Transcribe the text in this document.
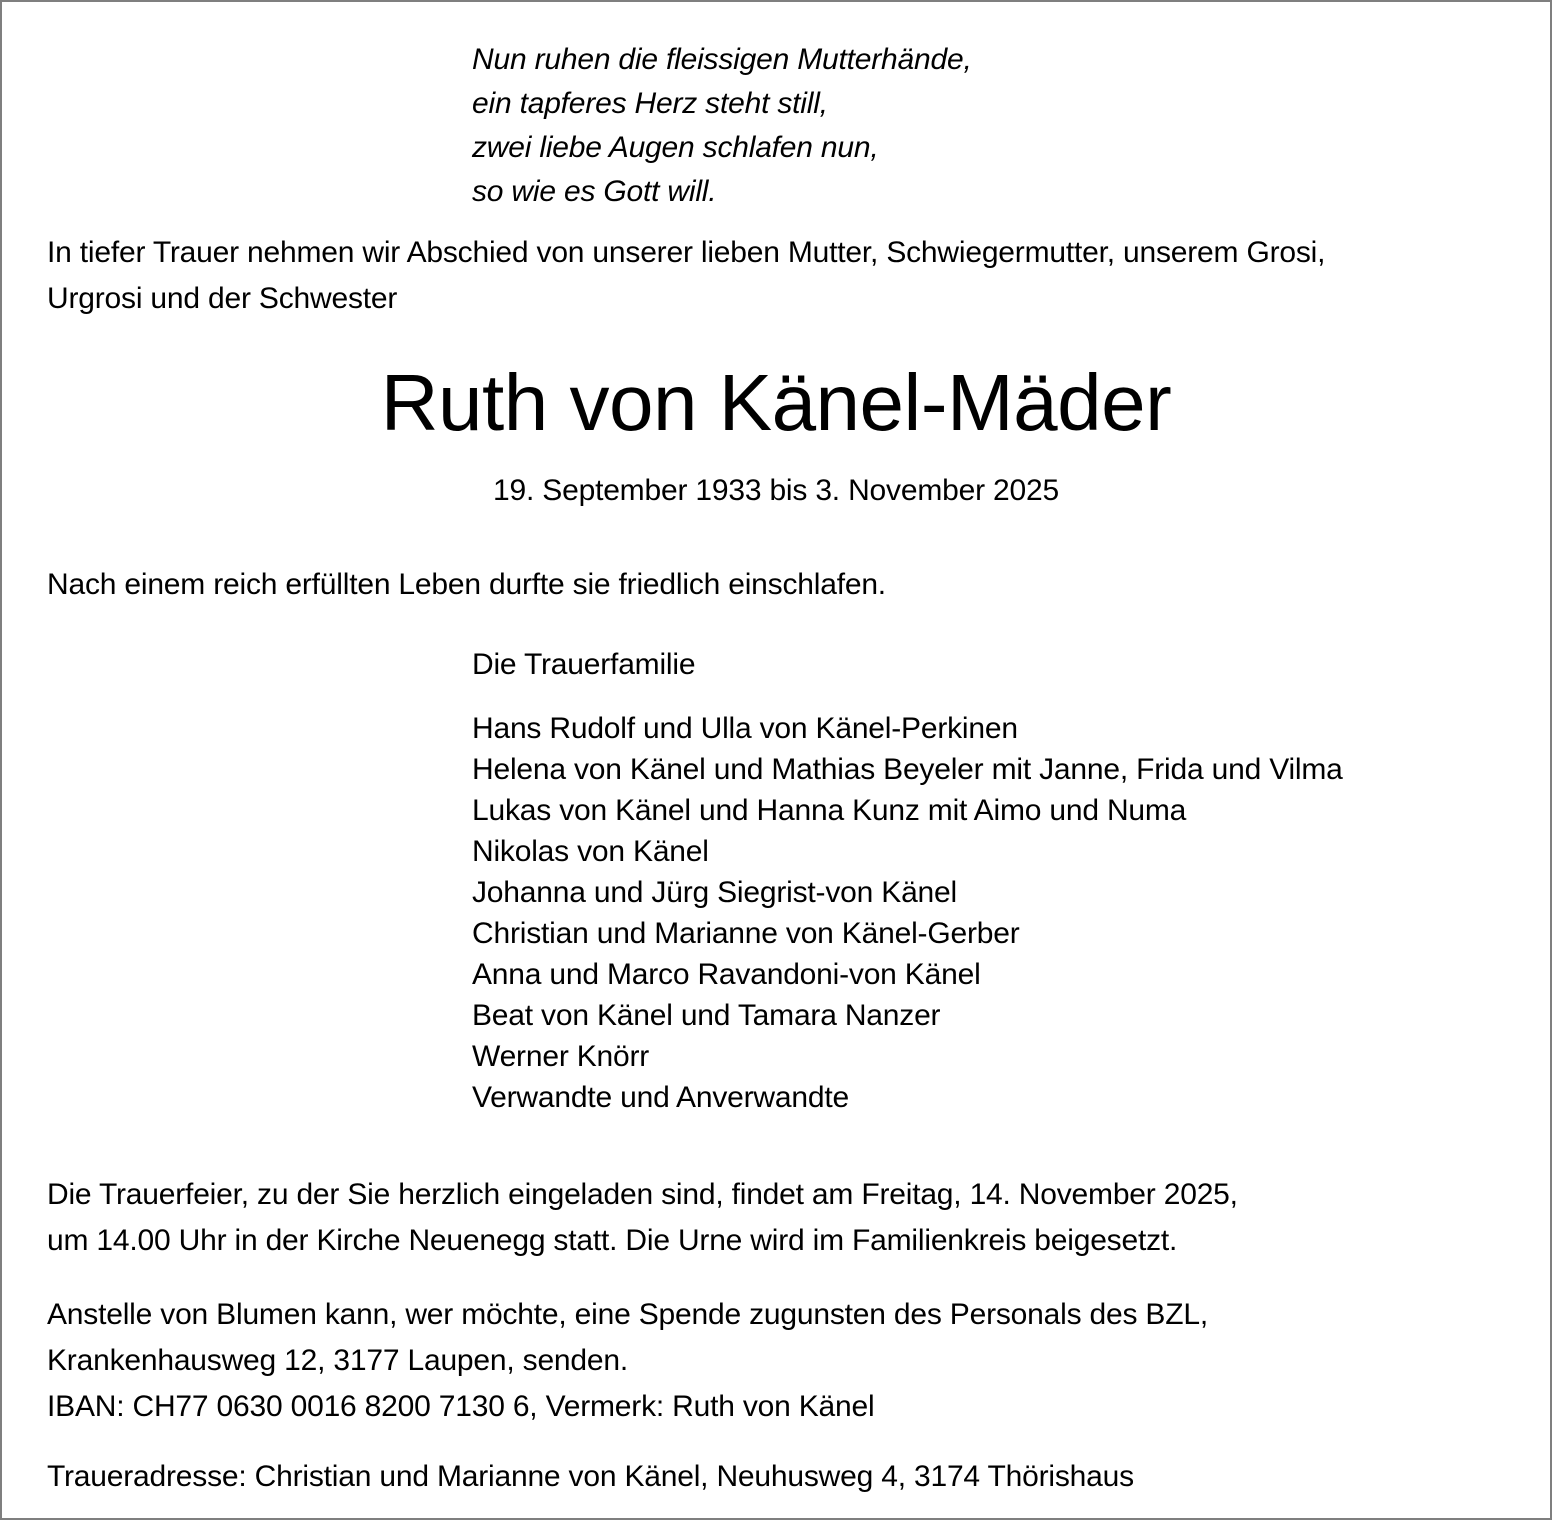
Nun ruhen die fleissigen Mutterhände,
ein tapferes Herz steht still,
zwei liebe Augen schlafen nun,
so wie es Gott will.
In tiefer Trauer nehmen wir Abschied von unserer lieben Mutter, Schwiegermutter, unserem Grosi,
Urgrosi und der Schwester
Ruth von Känel-Mäder
19. September 1933 bis 3. November 2025
Nach einem reich erfüllten Leben durfte sie friedlich einschlafen.
Die Trauerfamilie
Hans Rudolf und Ulla von Känel-Perkinen
Helena von Känel und Mathias Beyeler mit Janne, Frida und Vilma
Lukas von Känel und Hanna Kunz mit Aimo und Numa
Nikolas von Känel
Johanna und Jürg Siegrist-von Känel
Christian und Marianne von Känel-Gerber
Anna und Marco Ravandoni-von Känel
Beat von Känel und Tamara Nanzer
Werner Knörr
Verwandte und Anverwandte
Die Trauerfeier, zu der Sie herzlich eingeladen sind, findet am Freitag, 14. November 2025,
um 14.00 Uhr in der Kirche Neuenegg statt. Die Urne wird im Familienkreis beigesetzt.
Anstelle von Blumen kann, wer möchte, eine Spende zugunsten des Personals des BZL,
Krankenhausweg 12, 3177 Laupen, senden.
IBAN: CH77 0630 0016 8200 7130 6, Vermerk: Ruth von Känel
Traueradresse: Christian und Marianne von Känel, Neuhusweg 4, 3174 Thörishaus
